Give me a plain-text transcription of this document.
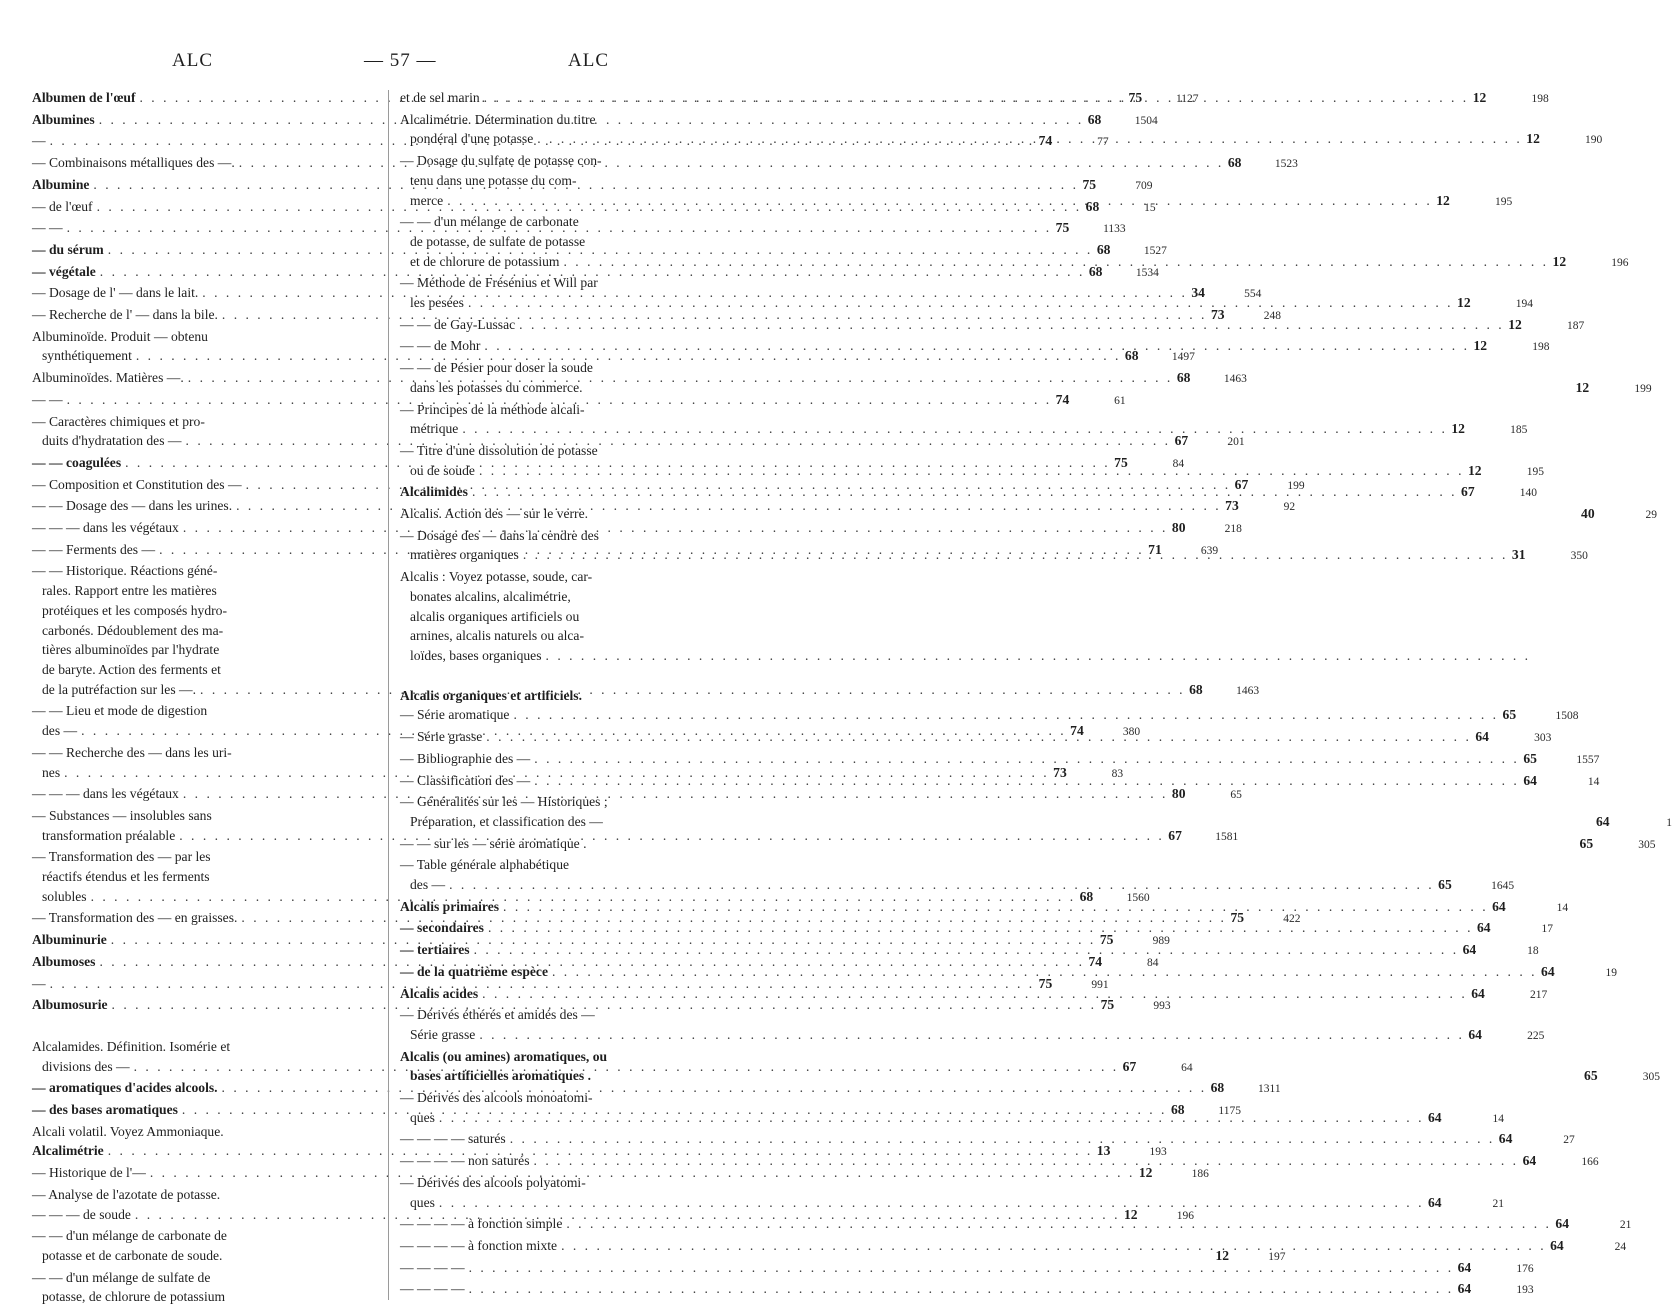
ALC	— 57 —	ALC
Albumen de l'œuf . . .	75	1127
Albumines . . .	68	1504
— . . .	74	77
— Combinaisons métalliques des —. . . .	68	1523
Albumine . . .	75	709
— de l'œuf . . .	68	15
— — . . .	75	1133
— du sérum . . .	68	1527
— végétale . . .	68	1534
— Dosage de l' — dans le lait. . . .	34	554
— Recherche de l' — dans la bile. . . .	73	248
Albuminoïde. Produit — obtenu
synthétiquement . . .	68	1497
Albuminoïdes. Matières —. . . .	68	1463
— — . . .	74	61
— Caractères chimiques et pro-
duits d'hydratation des — . . .	67	201
— — coagulées . . .	75	84
— Composition et Constitution des — . . .	67	199
— — Dosage des — dans les urines. . . .	73	92
— — — dans les végétaux . . .	80	218
— — Ferments des — . . .	71	639
— — Historique. Réactions géné-
rales. Rapport entre les matières
protéiques et les composés hydro-
carbonés. Dédoublement des ma-
tières albuminoïdes par l'hydrate
de baryte. Action des ferments et
de la putréfaction sur les —. . . .	68	1463
— — Lieu et mode de digestion
des — . . .	74	380
— — Recherche des — dans les uri-
nes . . .	73	83
— — — dans les végétaux . . .	80	65
— Substances — insolubles sans
transformation préalable . . .	67	1581
— Transformation des — par les
réactifs étendus et les ferments
solubles . . .	68	1560
— Transformation des — en graisses. . . .	75	422
Albuminurie . . .	75	989
Albumoses . . .	74	84
— . . .	75	991
Albumosurie . . .	75	993
Alcalamides. Définition. Isomérie et
divisions des — . . .	67	64
— aromatiques d'acides alcools. . . .	68	1311
— des bases aromatiques . . .	68	1175
Alcali volatil. Voyez Ammoniaque.
Alcalimétrie . . .	13	193
— Historique de l'— . . .	12	186
— Analyse de l'azotate de potasse.
— — — de soude . . .	12	196
— — d'un mélange de carbonate de
potasse et de carbonate de soude.	12	197
— — d'un mélange de sulfate de
potasse, de chlorure de potassium
et de sel marin . . .	12	198
Alcalimétrie. Détermination du titre
pondéral d'une potasse . . .	12	190
— Dosage du sulfate de potasse con-
tenu dans une potasse du com-
merce . . .	12	195
— — d'un mélange de carbonate
de potasse, de sulfate de potasse
et de chlorure de potassium . . .	12	196
— Méthode de Frésénius et Will par
les pesées . . .	12	194
— — de Gay-Lussac . . .	12	187
— — de Mohr . . .	12	198
— — de Pésier pour doser la soude
dans les potasses du commerce.	12	199
— Principes de la méthode alcali-
métrique . . .	12	185
— Titre d'une dissolution de potasse
ou de soude . . .	12	195
Alcalimides . . .	67	140
Alcalis. Action des — sur le verre.	40	29
— Dosage des — dans la cendre des
matières organiques . . .	31	350
Alcalis : Voyez potasse, soude, car-
bonates alcalins, alcalimétrie,
alcalis organiques artificiels ou
arnines, alcalis naturels ou alca-
loïdes, bases organiques
. . .
Alcalis organiques et artificiels.
— Série aromatique . . .	65	1508
— Série grasse . . .	64	303
— Bibliographie des — . . .	65	1557
— Classification des — . . .	64	14
— Généralités sur les — Historiques ;
Préparation, et classification des —	64	1
— — sur les — série aromatique .	65	305
— Table générale alphabétique
des — . . .	65	1645
Alcalis primaires . . .	64	14
— secondaires . . .	64	17
— tertiaires . . .	64	18
— de la quatrième espèce . . .	64	19
Alcalis acides . . .	64	217
— Dérivés éthérés et amidés des —
Série grasse . . .	64	225
Alcalis (ou amines) aromatiques, ou
bases artificielles aromatiques .	65	305
— Dérivés des alcools monoatomi-
ques . . .	64	14
— — — — saturés . . .	64	27
— — — — non saturés . . .	64	166
— Dérivés des alcools polyatomi-
ques . . .	64	21
— — — — à fonction simple . . .	64	21
— — — — à fonction mixte . . .	64	24
— — — — . . .	64	176
— — — — . . .	64	193
